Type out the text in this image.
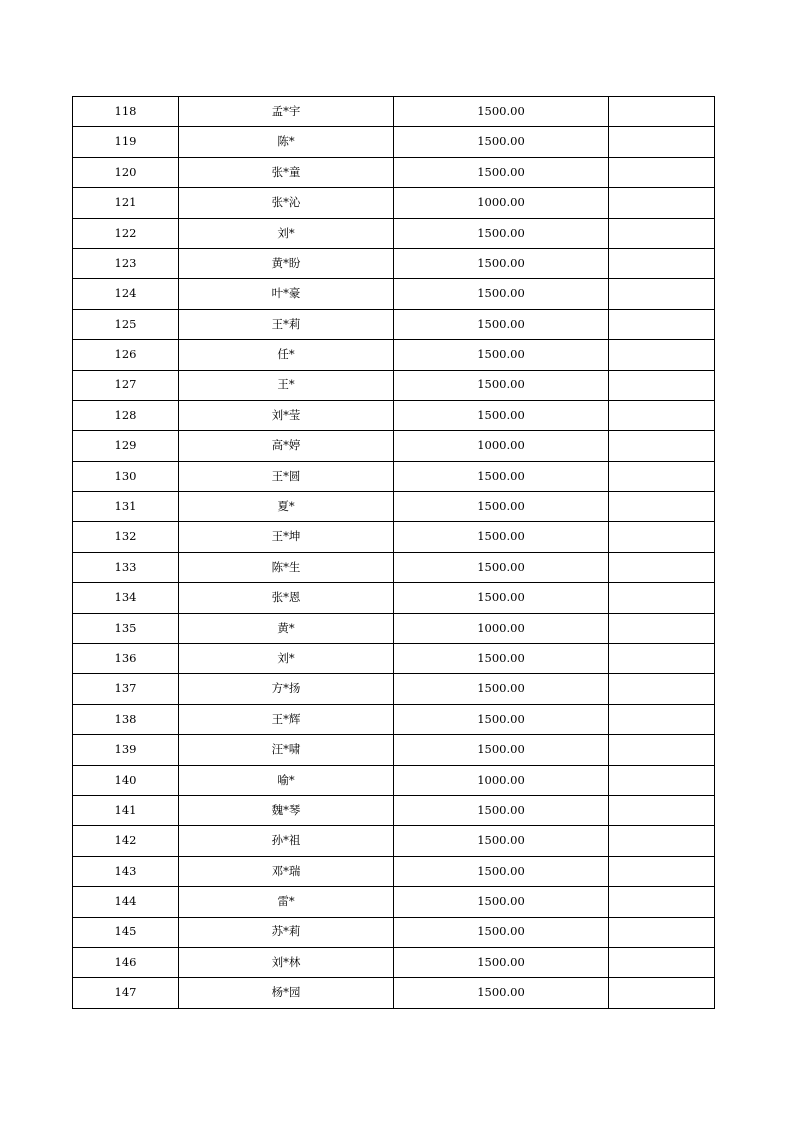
118	孟*宇	1500.00	
119	陈*	1500.00	
120	张*童	1500.00	
121	张*沁	1000.00	
122	刘*	1500.00	
123	黄*盼	1500.00	
124	叶*豪	1500.00	
125	王*莉	1500.00	
126	任*	1500.00	
127	王*	1500.00	
128	刘*莹	1500.00	
129	高*婷	1000.00	
130	王*圆	1500.00	
131	夏*	1500.00	
132	王*坤	1500.00	
133	陈*生	1500.00	
134	张*恩	1500.00	
135	黄*	1000.00	
136	刘*	1500.00	
137	方*扬	1500.00	
138	王*辉	1500.00	
139	汪*啸	1500.00	
140	喻*	1000.00	
141	魏*琴	1500.00	
142	孙*祖	1500.00	
143	邓*瑞	1500.00	
144	雷*	1500.00	
145	苏*莉	1500.00	
146	刘*林	1500.00	
147	杨*园	1500.00	
